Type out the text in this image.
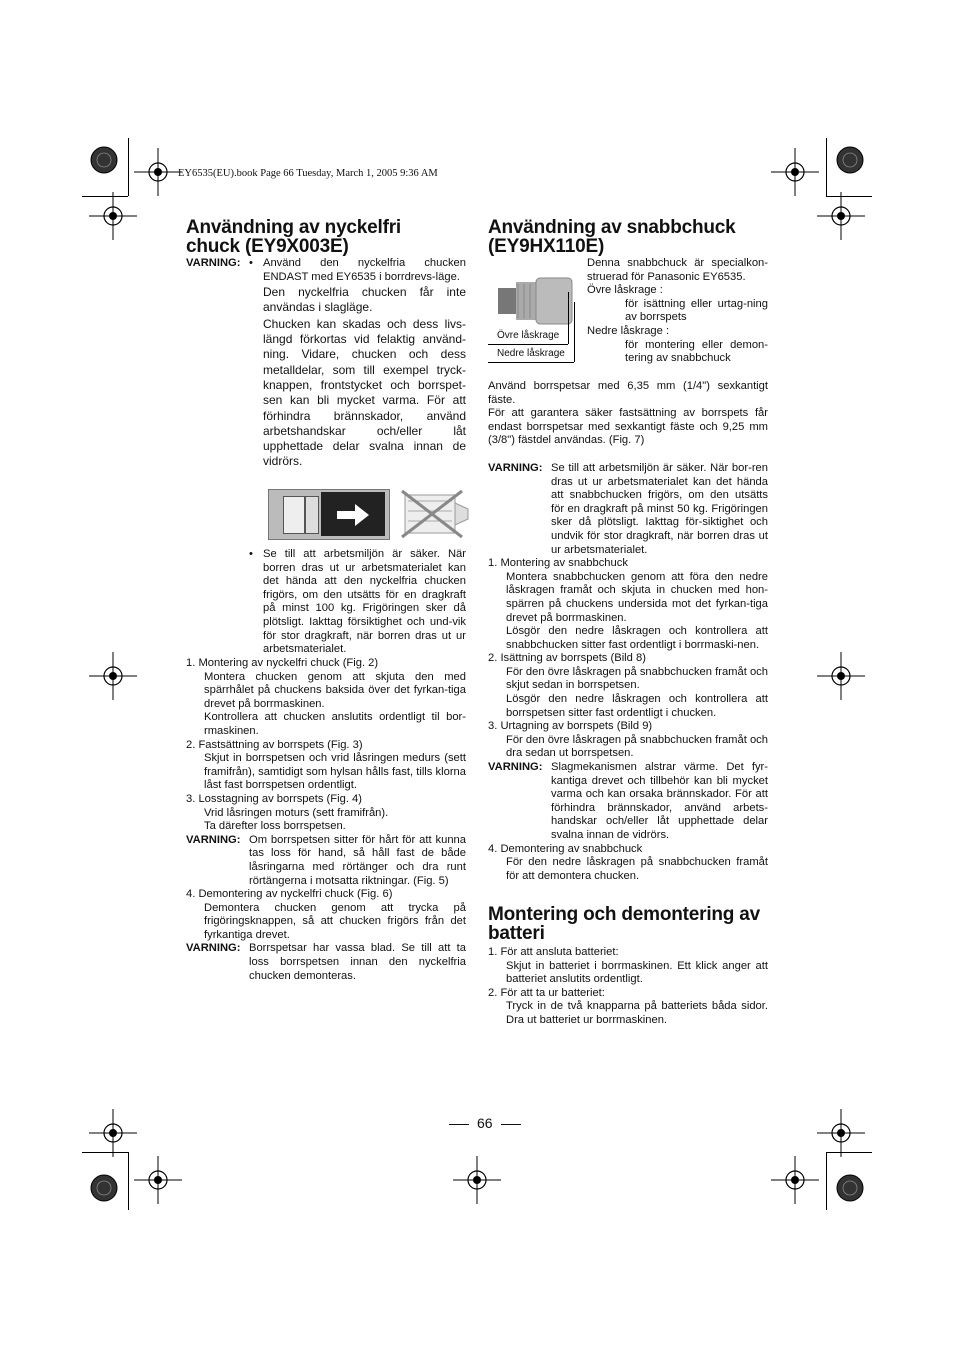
EY6535(EU).book Page 66 Tuesday, March 1, 2005 9:36 AM
Användning av nyckelfri
chuck (EY9X003E)
VARNING: • Använd den nyckelfria chucken ENDAST med EY6535 i borrdrevs-läge.

Den nyckelfria chucken får inte användas i slagläge.

Chucken kan skadas och dess livs-längd förkortas vid felaktig använd-ning. Vidare, chucken och dess metalldelar, som till exempel tryck-knappen, frontstycket och borrspet-sen kan bli mycket varma. För att förhindra brännskador, använd arbetshandskar och/eller låt upphettade delar svalna innan de vidrörs.

• Se till att arbetsmiljön är säker. När borren dras ut ur arbetsmaterialet kan det hända att den nyckelfria chucken frigörs, om den utsätts för en dragkraft på minst 100 kg. Frigöringen sker då plötsligt. Iakttag försiktighet och und-vik för stor dragkraft, när borren dras ut ur arbetsmaterialet.

1. Montering av nyckelfri chuck (Fig. 2)

Montera chucken genom att skjuta den med spärrhålet på chuckens baksida över det fyrkan-tiga drevet på borrmaskinen.

Kontrollera att chucken anslutits ordentligt til bor-rmaskinen.

2. Fastsättning av borrspets (Fig. 3)

Skjut in borrspetsen och vrid låsringen medurs (sett framifrån), samtidigt som hylsan hålls fast, tills klorna låst fast borrspetsen ordentligt.

3. Losstagning av borrspets (Fig. 4)

Vrid låsringen moturs (sett framifrån).

Ta därefter loss borrspetsen.

VARNING: Om borrspetsen sitter för hårt för att kunna tas loss för hand, så håll fast de både låsringarna med rörtänger och dra runt rörtängerna i motsatta riktningar. (Fig. 5)

4. Demontering av nyckelfri chuck (Fig. 6)

Demontera chucken genom att trycka på frigöringsknappen, så att chucken frigörs från det fyrkantiga drevet.

VARNING: Borrspetsar har vassa blad. Se till att ta loss borrspetsen innan den nyckelfria chucken demonteras.

Användning av snabbchuck
(EY9HX110E)
Övre låskrage
Nedre låskrage

Denna snabbchuck är specialkon-struerad för Panasonic EY6535.

Övre låskrage :

för isättning eller urtag-ning av borrspets

Nedre låskrage :

för montering eller demon-tering av snabbchuck

Använd borrspetsar med 6,35 mm (1/4") sexkantigt fäste.

För att garantera säker fastsättning av borrspets får endast borrspetsar med sexkantigt fäste och 9,25 mm (3/8") fästdel användas. (Fig. 7)

VARNING: Se till att arbetsmiljön är säker. När bor-ren dras ut ur arbetsmaterialet kan det hända att snabbchucken frigörs, om den utsätts för en dragkraft på minst 50 kg. Frigöringen sker då plötsligt. Iakttag för-siktighet och undvik för stor dragkraft, när borren dras ut ur arbetsmaterialet.

1. Montering av snabbchuck

Montera snabbchucken genom att föra den nedre låskragen framåt och skjuta in chucken med hon-spärren på chuckens undersida mot det fyrkan-tiga drevet på borrmaskinen.

Lösgör den nedre låskragen och kontrollera att snabbchucken sitter fast ordentligt i borrmaski-nen.

2. Isättning av borrspets (Bild 8)

För den övre låskragen på snabbchucken framåt och skjut sedan in borrspetsen.

Lösgör den nedre låskragen och kontrollera att borrspetsen sitter fast ordentligt i chucken.

3. Urtagning av borrspets (Bild 9)

För den övre låskragen på snabbchucken framåt och dra sedan ut borrspetsen.

VARNING: Slagmekanismen alstrar värme. Det fyr-kantiga drevet och tillbehör kan bli mycket varma och kan orsaka brännskador. För att förhindra brännskador, använd arbets-handskar och/eller låt upphettade delar svalna innan de vidrörs.

4. Demontering av snabbchuck

För den nedre låskragen på snabbchucken framåt för att demontera chucken.

Montering och demontering av
batteri
1. För att ansluta batteriet:

Skjut in batteriet i borrmaskinen. Ett klick anger att batteriet anslutits ordentligt.

2. För att ta ur batteriet:

Tryck in de två knapparna på batteriets båda sidor. Dra ut batteriet ur borrmaskinen.

66
